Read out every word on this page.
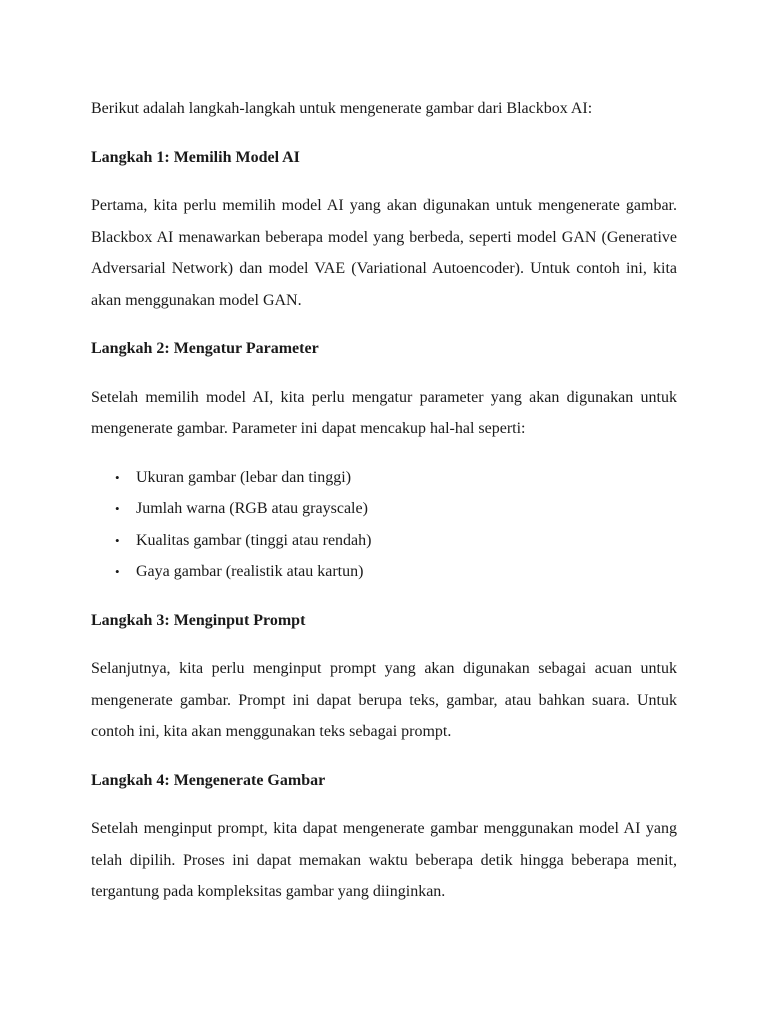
Berikut adalah langkah-langkah untuk mengenerate gambar dari Blackbox AI:

Langkah 1: Memilih Model AI

Pertama, kita perlu memilih model AI yang akan digunakan untuk mengenerate gambar. Blackbox AI menawarkan beberapa model yang berbeda, seperti model GAN (Generative Adversarial Network) dan model VAE (Variational Autoencoder). Untuk contoh ini, kita akan menggunakan model GAN.

Langkah 2: Mengatur Parameter

Setelah memilih model AI, kita perlu mengatur parameter yang akan digunakan untuk mengenerate gambar. Parameter ini dapat mencakup hal-hal seperti:

• Ukuran gambar (lebar dan tinggi)
• Jumlah warna (RGB atau grayscale)
• Kualitas gambar (tinggi atau rendah)
• Gaya gambar (realistik atau kartun)
Langkah 3: Menginput Prompt

Selanjutnya, kita perlu menginput prompt yang akan digunakan sebagai acuan untuk mengenerate gambar. Prompt ini dapat berupa teks, gambar, atau bahkan suara. Untuk contoh ini, kita akan menggunakan teks sebagai prompt.

Langkah 4: Mengenerate Gambar

Setelah menginput prompt, kita dapat mengenerate gambar menggunakan model AI yang telah dipilih. Proses ini dapat memakan waktu beberapa detik hingga beberapa menit, tergantung pada kompleksitas gambar yang diinginkan.
